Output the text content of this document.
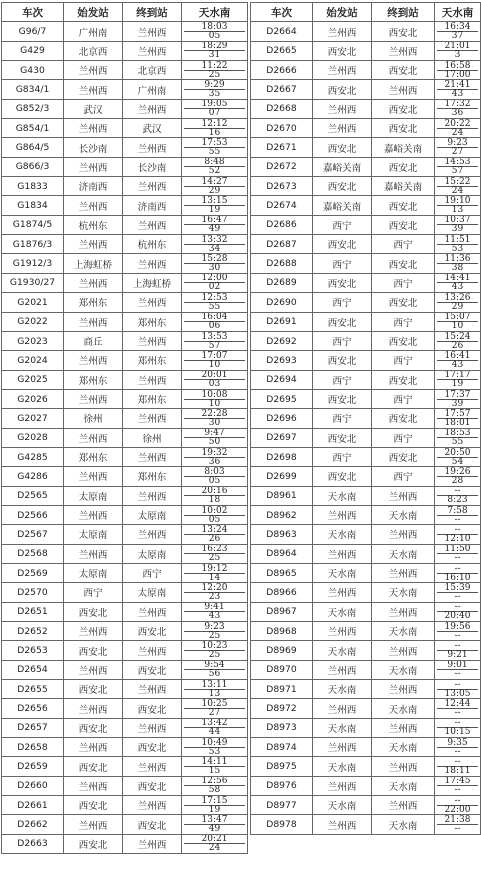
车次	始发站	终到站	天水南
G96/7	广州南	兰州西	18:03
05

G429	北京西	兰州西	18:29
31

G430	兰州西	北京西	11:22
25

G834/1	兰州西	广州南	9:29
35

G852/3	武汉	兰州西	19:05
07

G854/1	兰州西	武汉	12:12
16

G864/5	长沙南	兰州西	17:53
55

G866/3	兰州西	长沙南	8:48
52

G1833	济南西	兰州西	14:27
29

G1834	兰州西	济南西	13:15
19

G1874/5	杭州东	兰州西	16:47
49

G1876/3	兰州西	杭州东	13:32
34

G1912/3	上海虹桥	兰州西	15:28
30

G1930/27	兰州西	上海虹桥	12:00
02

G2021	郑州东	兰州西	12:53
55

G2022	兰州西	郑州东	16:04
06

G2023	商丘	兰州西	13:53
57

G2024	兰州西	郑州东	17:07
10

G2025	郑州东	兰州西	20:01
03

G2026	兰州西	郑州东	10:08
10

G2027	徐州	兰州西	22:28
30

G2028	兰州西	徐州	9:47
50

G4285	郑州东	兰州西	19:32
36

G4286	兰州西	郑州东	8:03
05

D2565	太原南	兰州西	20:16
18

D2566	兰州西	太原南	10:02
05

D2567	太原南	兰州西	13:24
26

D2568	兰州西	太原南	16:23
25

D2569	太原南	西宁	19:12
14

D2570	西宁	太原南	12:20
23

D2651	西安北	兰州西	9:41
43

D2652	兰州西	西安北	9:23
25

D2653	西安北	兰州西	10:23
25

D2654	兰州西	西安北	9:54
56

D2655	西安北	兰州西	13:11
13

D2656	兰州西	西安北	10:25
27

D2657	西安北	兰州西	13:42
44

D2658	兰州西	西安北	10:49
53

D2659	西安北	兰州西	14:11
15

D2660	兰州西	西安北	12:56
58

D2661	西安北	兰州西	17:15
19

D2662	兰州西	西安北	13:47
49

D2663	西安北	兰州西	20:21
24
车次	始发站	终到站	天水南
D2664	兰州西	西安北	16:34
37

D2665	西安北	兰州西	21:01
3

D2666	兰州西	西安北	16:58
17:00

D2667	西安北	兰州西	21:41
43

D2668	兰州西	西安北	17:32
36

D2670	兰州西	西安北	20:22
24

D2671	西安北	嘉峪关南	9:23
27

D2672	嘉峪关南	西安北	14:53
57

D2673	西安北	嘉峪关南	15:22
24

D2674	嘉峪关南	西安北	19:10
13

D2686	西宁	西安北	10:37
39

D2687	西安北	西宁	11:51
53

D2688	西宁	西安北	11:36
38

D2689	西安北	西宁	14:41
43

D2690	西宁	西安北	13:26
29

D2691	西安北	西宁	15:07
10

D2692	西宁	西安北	15:24
26

D2693	西安北	西宁	16:41
43

D2694	西宁	西安北	17:17
19

D2695	西安北	西宁	17:37
39

D2696	西宁	西安北	17:57
18:01

D2697	西安北	西宁	18:53
55

D2698	西宁	西安北	20:50
54

D2699	西安北	西宁	19:26
28

D8961	天水南	兰州西	--
8:23

D8962	兰州西	天水南	7:58
--

D8963	天水南	兰州西	--
12:10

D8964	兰州西	天水南	11:50
--

D8965	天水南	兰州西	--
16:10

D8966	兰州西	天水南	15:39
--

D8967	天水南	兰州西	--
20:40

D8968	兰州西	天水南	19:56
--

D8969	天水南	兰州西	--
9:21

D8970	兰州西	天水南	9:01
--

D8971	天水南	兰州西	--
13:05

D8972	兰州西	天水南	12:44
--

D8973	天水南	兰州西	--
10:15

D8974	兰州西	天水南	9:35
--

D8975	天水南	兰州西	--
18:11

D8976	兰州西	天水南	17:45
--

D8977	天水南	兰州西	--
22:00

D8978	兰州西	天水南	21:38
--
